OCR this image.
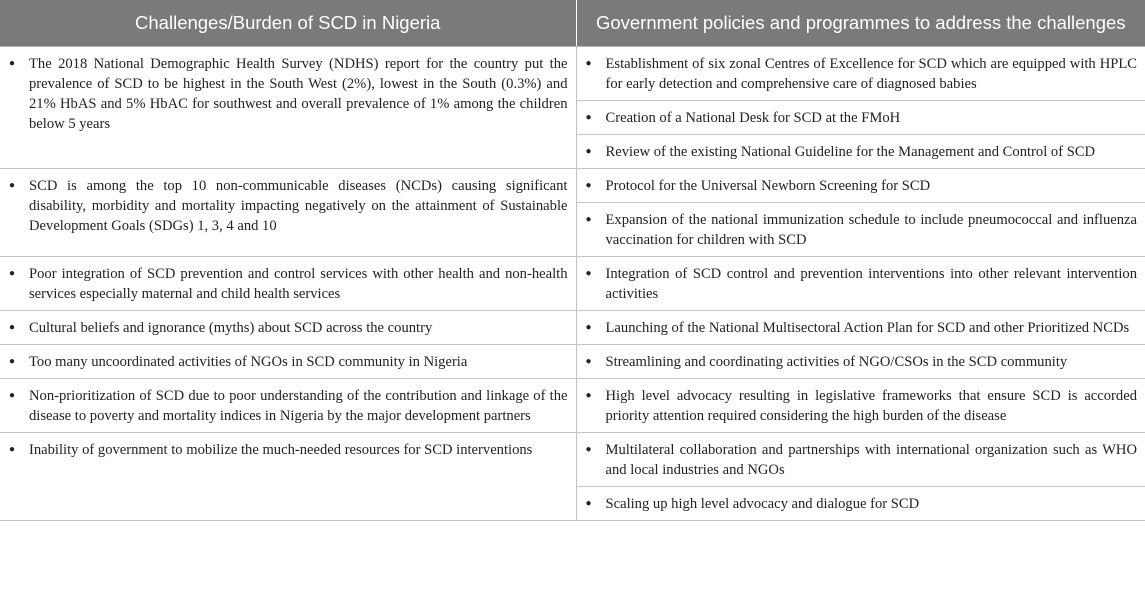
Challenges/Burden of SCD in Nigeria	Government policies and programmes to address the challenges

● The 2018 National Demographic Health Survey (NDHS) report for the country put the prevalence of SCD to be highest in the South West (2%), lowest in the South (0.3%) and 21% HbAS and 5% HbAC for southwest and overall prevalence of 1% among the children below 5 years	● Establishment of six zonal Centres of Excellence for SCD which are equipped with HPLC for early detection and comprehensive care of diagnosed babies

	● Creation of a National Desk for SCD at the FMoH

	● Review of the existing National Guideline for the Management and Control of SCD

● SCD is among the top 10 non-communicable diseases (NCDs) causing significant disability, morbidity and mortality impacting negatively on the attainment of Sustainable Development Goals (SDGs) 1, 3, 4 and 10	● Protocol for the Universal Newborn Screening for SCD

	● Expansion of the national immunization schedule to include pneumococcal and influenza vaccination for children with SCD

● Poor integration of SCD prevention and control services with other health and non-health services especially maternal and child health services	● Integration of SCD control and prevention interventions into other relevant intervention activities

● Cultural beliefs and ignorance (myths) about SCD across the country	● Launching of the National Multisectoral Action Plan for SCD and other Prioritized NCDs

● Too many uncoordinated activities of NGOs in SCD community in Nigeria	● Streamlining and coordinating activities of NGO/CSOs in the SCD community

● Non-prioritization of SCD due to poor understanding of the contribution and linkage of the disease to poverty and mortality indices in Nigeria by the major development partners	● High level advocacy resulting in legislative frameworks that ensure SCD is accorded priority attention required considering the high burden of the disease

● Inability of government to mobilize the much-needed resources for SCD interventions	● Multilateral collaboration and partnerships with international organization such as WHO and local industries and NGOs

	● Scaling up high level advocacy and dialogue for SCD
